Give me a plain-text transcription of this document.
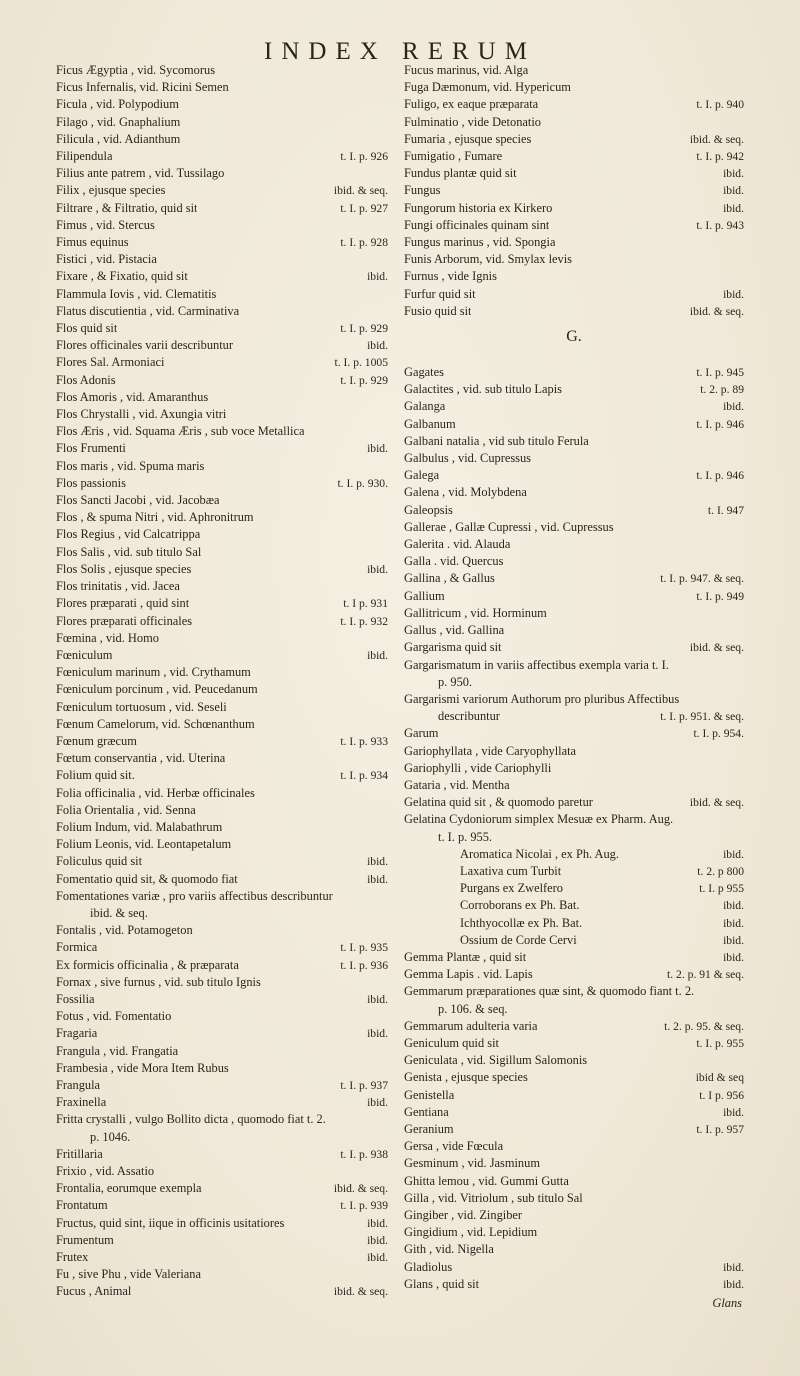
INDEX RERUM
Ficus Ægyptia , vid. Sycomorus
Ficus Infernalis, vid. Ricini Semen
Ficula , vid. Polypodium
Filago , vid. Gnaphalium
Filicula , vid. Adianthum
Filipendula	t. I. p. 926
Filius ante patrem , vid. Tussilago
Filix , ejusque species	ibid. & seq.
Filtrare , & Filtratio, quid sit	t. I. p. 927
Fimus , vid. Stercus
Fimus equinus	t. I. p. 928
Fistici , vid. Pistacia
Fixare , & Fixatio, quid sit	ibid.
Flammula Iovis , vid. Clematitis
Flatus discutientia , vid. Carminativa
Flos quid sit	t. I. p. 929
Flores officinales varii describuntur	ibid.
Flores Sal. Armoniaci	t. I. p. 1005
Flos Adonis	t. I. p. 929
Flos Amoris , vid. Amaranthus
Flos Chrystalli , vid. Axungia vitri
Flos Æris , vid. Squama Æris , sub voce Metallica
Flos Frumenti	ibid.
Flos maris , vid. Spuma maris
Flos passionis	t. I. p. 930.
Flos Sancti Jacobi , vid. Jacobæa
Flos , & spuma Nitri , vid. Aphronitrum
Flos Regius , vid Calcatrippa
Flos Salis , vid. sub titulo Sal
Flos Solis , ejusque species	ibid.
Flos trinitatis , vid. Jacea
Flores præparati , quid sint	t. I p. 931
Flores præparati officinales	t. I. p. 932
Fœmina , vid. Homo
Fœniculum	ibid.
Fœniculum marinum , vid. Crythamum
Fœniculum porcinum , vid. Peucedanum
Fœniculum tortuosum , vid. Seseli
Fœnum Camelorum, vid. Schœnanthum
Fœnum græcum	t. I. p. 933
Fœtum conservantia , vid. Uterina
Folium quid sit.	t. I. p. 934
Folia officinalia , vid. Herbæ officinales
Folia Orientalia , vid. Senna
Folium Indum, vid. Malabathrum
Folium Leonis, vid. Leontapetalum
Foliculus quid sit	ibid.
Fomentatio quid sit, & quomodo fiat	ibid.
Fomentationes variæ , pro variis affectibus describuntur
ibid. & seq.
Fontalis , vid. Potamogeton
Formica	t. I. p. 935
Ex formicis officinalia , & præparata	t. I. p. 936
Fornax , sive furnus , vid. sub titulo Ignis
Fossilia	ibid.
Fotus , vid. Fomentatio
Fragaria	ibid.
Frangula , vid. Frangatia
Frambesia , vide Mora Item Rubus
Frangula	t. I. p. 937
Fraxinella	ibid.
Fritta crystalli , vulgo Bollito dicta , quomodo fiat t. 2.
p. 1046.
Fritillaria	t. I. p. 938
Frixio , vid. Assatio
Frontalia, eorumque exempla	ibid. & seq.
Frontatum	t. I. p. 939
Fructus, quid sint, iique in officinis usitatiores	ibid.
Frumentum	ibid.
Frutex	ibid.
Fu , sive Phu , vide Valeriana
Fucus , Animal	ibid. & seq.
Fucus marinus, vid. Alga
Fuga Dæmonum, vid. Hypericum
Fuligo, ex eaque præparata	t. I. p. 940
Fulminatio , vide Detonatio
Fumaria , ejusque species	ibid. & seq.
Fumigatio , Fumare	t. I. p. 942
Fundus plantæ quid sit	ibid.
Fungus	ibid.
Fungorum historia ex Kirkero	ibid.
Fungi officinales quinam sint	t. I. p. 943
Fungus marinus , vid. Spongia
Funis Arborum, vid. Smylax levis
Furnus , vide Ignis
Furfur quid sit	ibid.
Fusio quid sit	ibid. & seq.
G.
Gagates	t. I. p. 945
Galactites , vid. sub titulo Lapis	t. 2. p. 89
Galanga	ibid.
Galbanum	t. I. p. 946
Galbani natalia , vid sub titulo Ferula
Galbulus , vid. Cupressus
Galega	t. I. p. 946
Galena , vid. Molybdena
Galeopsis	t. I. 947
Gallerae , Gallæ Cupressi , vid. Cupressus
Galerita . vid. Alauda
Galla . vid. Quercus
Gallina , & Gallus	t. I. p. 947. & seq.
Gallium	t. I. p. 949
Gallitricum , vid. Horminum
Gallus , vid. Gallina
Gargarisma quid sit	ibid. & seq.
Gargarismatum in variis affectibus exempla varia t. I.
p. 950.
Gargarismi variorum Authorum pro pluribus Affectibus
describuntur	t. I. p. 951. & seq.
Garum	t. I. p. 954.
Gariophyllata , vide Caryophyllata
Gariophylli , vide Cariophylli
Gataria , vid. Mentha
Gelatina quid sit , & quomodo paretur	ibid. & seq.
Gelatina Cydoniorum simplex Mesuæ ex Pharm. Aug.
t. I. p. 955.
Aromatica Nicolai , ex Ph. Aug.	ibid.
Laxativa cum Turbit	t. 2. p 800
Purgans ex Zwelfero	t. I. p 955
Corroborans ex Ph. Bat.	ibid.
Ichthyocollæ ex Ph. Bat.	ibid.
Ossium de Corde Cervi	ibid.
Gemma Plantæ , quid sit	ibid.
Gemma Lapis . vid. Lapis	t. 2. p. 91 & seq.
Gemmarum præparationes quæ sint, & quomodo fiant t. 2.
p. 106. & seq.
Gemmarum adulteria varia	t. 2. p. 95. & seq.
Geniculum quid sit	t. I. p. 955
Geniculata , vid. Sigillum Salomonis
Genista , ejusque species	ibid & seq
Genistella	t. I p. 956
Gentiana	ibid.
Geranium	t. I. p. 957
Gersa , vide Fœcula
Gesminum , vid. Jasminum
Ghitta lemou , vid. Gummi Gutta
Gilla , vid. Vitriolum , sub titulo Sal
Gingiber , vid. Zingiber
Gingidium , vid. Lepidium
Gith , vid. Nigella
Gladiolus	ibid.
Glans , quid sit	ibid.
Glans
